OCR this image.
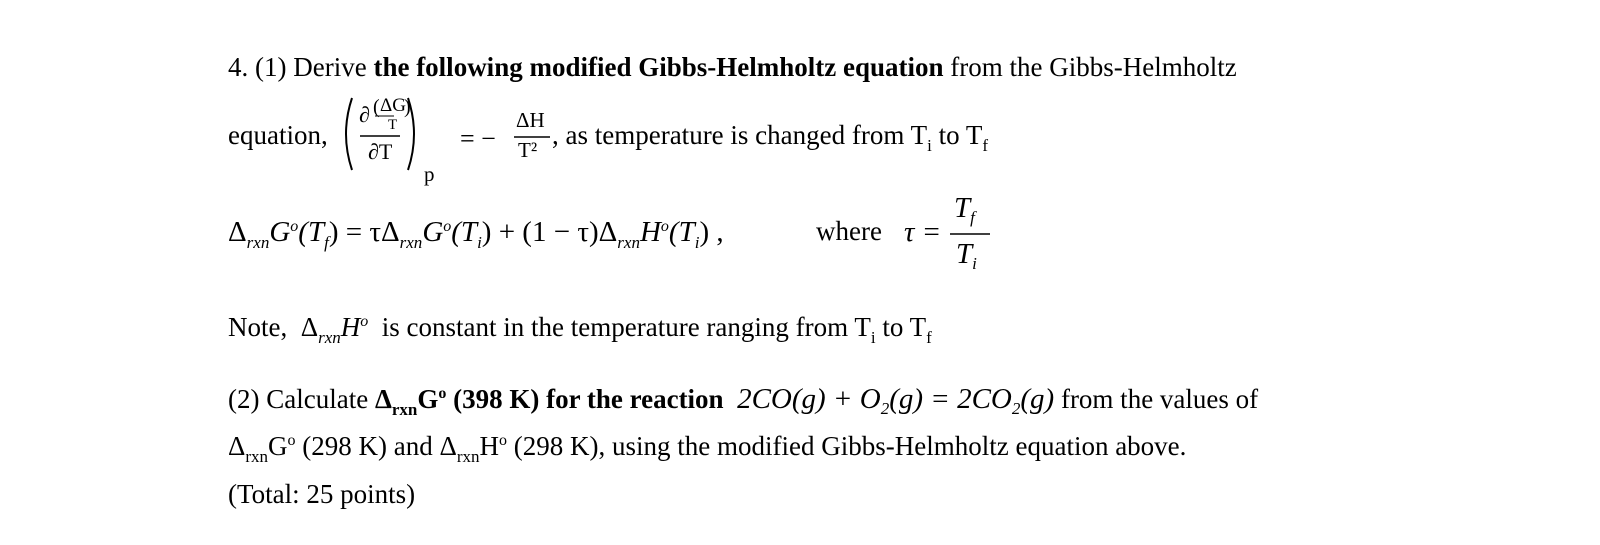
4. (1) Derive the following modified Gibbs-Helmholtz equation from the Gibbs-Helmholtz
equation,
∂ ( ΔG
T
)
∂T
p
= −
ΔH
T² , as temperature is changed from $T_i$ to $T_f$
$\Delta_{rxn}G^o(T_f) = \tau\Delta_{rxn}G^o(T_i) + (1 - \tau)\Delta_{rxn}H^o(T_i)$ ,	where τ =
$T_f$
$T_i$
Note, $\Delta_{rxn}H^o$  is constant in the temperature ranging from $T_i$ to $T_f$
(2) Calculate $\Delta_{rxn}G^o$ (398 K) for the reaction $2CO(g) + O_2(g) = 2CO_2(g)$ from the values of
$\Delta_{rxn}G^o$ (298 K) and $\Delta_{rxn}H^o$ (298 K), using the modified Gibbs-Helmholtz equation above.
(Total: 25 points)
